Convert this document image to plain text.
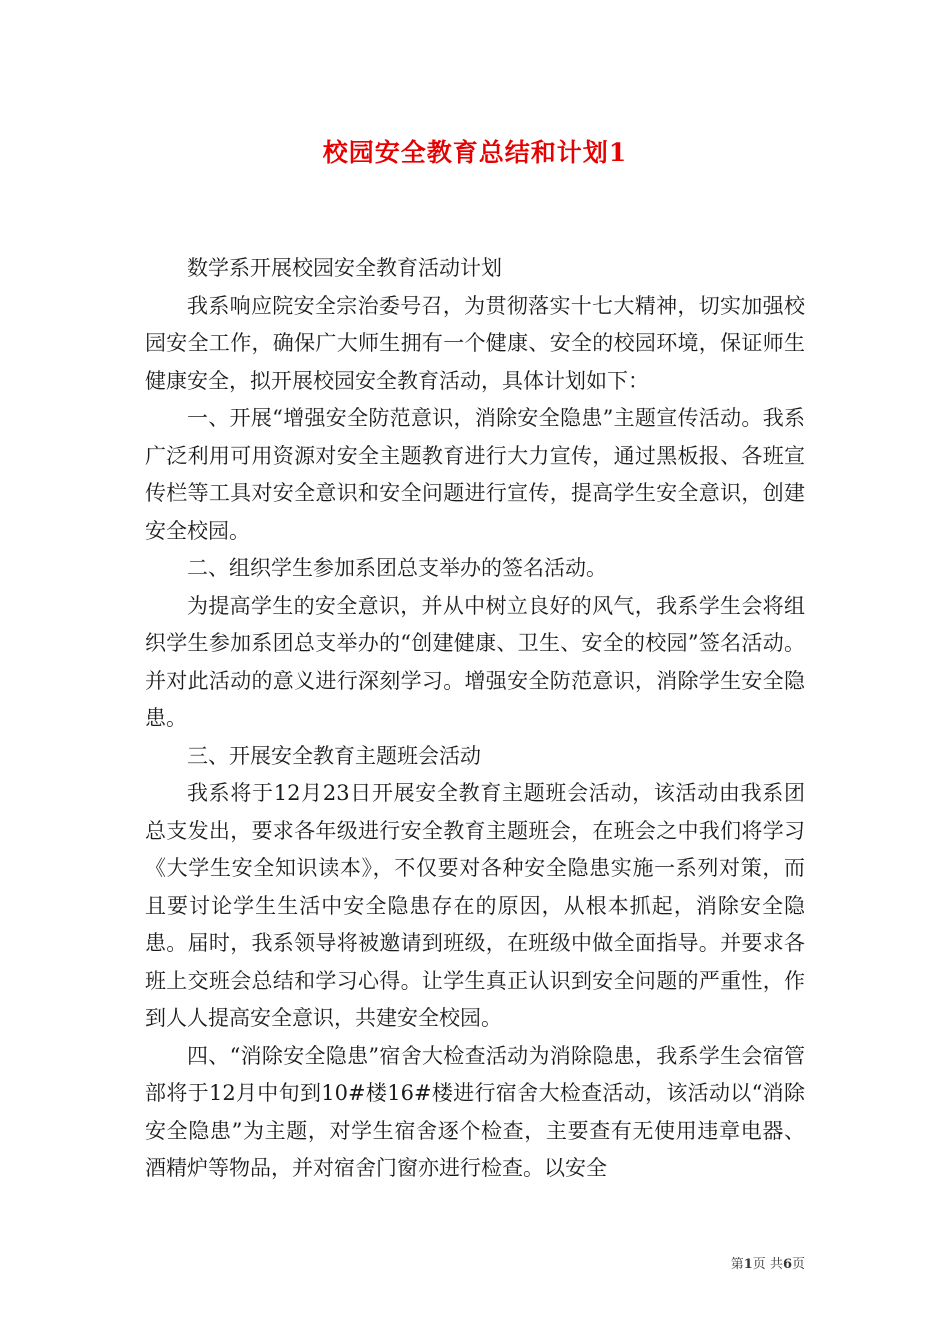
校园安全教育总结和计划1

数学系开展校园安全教育活动计划

我系响应院安全宗治委号召，为贯彻落实十七大精神，切实加强校园安全工作，确保广大师生拥有一个健康、安全的校园环境，保证师生健康安全，拟开展校园安全教育活动，具体计划如下：

一、开展“增强安全防范意识，消除安全隐患”主题宣传活动。我系广泛利用可用资源对安全主题教育进行大力宣传，通过黑板报、各班宣传栏等工具对安全意识和安全问题进行宣传，提高学生安全意识，创建安全校园。

二、组织学生参加系团总支举办的签名活动。

为提高学生的安全意识，并从中树立良好的风气，我系学生会将组织学生参加系团总支举办的“创建健康、卫生、安全的校园”签名活动。并对此活动的意义进行深刻学习。增强安全防范意识，消除学生安全隐患。

三、开展安全教育主题班会活动

我系将于12月23日开展安全教育主题班会活动，该活动由我系团总支发出，要求各年级进行安全教育主题班会，在班会之中我们将学习《大学生安全知识读本》，不仅要对各种安全隐患实施一系列对策，而且要讨论学生生活中安全隐患存在的原因，从根本抓起，消除安全隐患。届时，我系领导将被邀请到班级，在班级中做全面指导。并要求各班上交班会总结和学习心得。让学生真正认识到安全问题的严重性，作到人人提高安全意识，共建安全校园。

四、“消除安全隐患”宿舍大检查活动为消除隐患，我系学生会宿管部将于12月中旬到10#楼16#楼进行宿舍大检查活动，该活动以“消除安全隐患”为主题，对学生宿舍逐个检查，主要查有无使用违章电器、酒精炉等物品，并对宿舍门窗亦进行检查。以安全

第1页 共6页
